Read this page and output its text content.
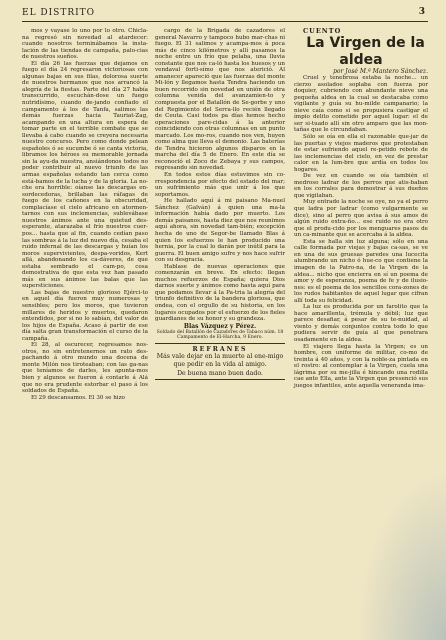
EL DISTRITO	3

mos y vayase lo uno por lo otro. Chicla-na regresó sin novedad al atardecer: cuando nosotros terminábamos la insta-lación de las tiendas de campaña, palo-cias de nuestros sueños.

El día 26 las fuerzas que dejamos en fuego el día 24 regresaron victoriosas con algunas bajas en sus filas, dolorosa suerte de nuestros hermanos que nos arrancó la alegría de la fiestas. Parte del día 27 había transcurrido, escuchán-dose un fuego nutridísimo, cuando de-jando confiado el campamento á los de Tanfa, salimos las demás fuerzas hacia Tauriat-Zag, acampando en una altura en espera de tomar parte en el terrible combate que se llevaba á cabo cuando se creyera necesaria nuestro concurso. Pero como donde pelean españoles ó se sucumbe ó se canta victoria, libramos los héroes su memorable jornada sin la ayu-da nuestra, ansiándonos todos no poder contribuir al nuevo triunfo de las armas españolas estando tan cerca como está-bamos de la lucha y de la gloria. La no-che era horrible: oíanse las descargas en-sordecedoras, brillaban las ráfagas de fuego de los cañones en la obscuridad, complacíase el cielo africano en atormen-tarnos con sus inclemencias, sublevábase nuestros ánimos ante una quietud des-esperante, atarazaba el frío nuestros cuer-pos... hasta que al fin, cuando cedían paso las sombras á la luz del nuevo día, cesaba el ruido infernal de las descargas y huían los moros supervivientes, despa-voridos, Kert allá, abandonando los ca-dáveres, de que estaba sembrado el cam-po, cosa demostrativa de que esta vez han pasado más en sus ánimos las balas que las supersticiones.

Las bajas de nuestro glorioso Ejérci-to en aquel día fueron muy numerosas y sensibles; pero los moros, que tuvieron millares de heridos y muertos, quedaron entendidos, por si no lo sabían, del valor de los hijos de España. Acaso á partir de ese día salta gran transformación el curso de la campaña.

El 28, al oscurecer, regresamos nos-otros, no sin entretenernos un rato des-pachando á otro mundo una docena de monte Milón nos tiroteaban; con las ga-nas que teníamos de darles, les apunta-mos bien y algunos se fueron á contarle á Alá que no era prudente estorbar el paso á los soldados de España.

El 29 descansamos. El 30 se hizo

cargo de la Brigada de cazadores el general Navarro y tampoco hubo mar-chas ni fuego. El 31 salimos y acampa-mos á poca más de cinco kilómetros y allí pasamos la noche entre un frío que pelaba, una lluvia constante que nos ca-ló hasta los huesos y un vendaval forti-símo que nos aterició. Al amanecer apareció que las fuerzas del monte Mi-lón y llegamos hasta Tendra haciendo un buen recorrido sin novedad en unión de otra columna venida del avanzamien-to y compuesta por el Batallón de Se-gorbe y uno del Regimiento del Serra-llo recién llegado de Ceuta. Casi todos pa días hemos hecho operaciones pare-cidas á la anterior coincidiendo con otras columnas en un punto marcado. Los mo-ros, cuando nos ven, huyen como alma que lleva el demonio. Las baterías de Tendra hicieron algunos disparos en la marcha del día 5 de Enero. En este día se reconoció el Zoco de Zebaya y sus campos, regresando sin novedad.

En todos estos días estuvimos sin co-rrespondencia por efecto del estado del mar; un sufrimiento más que unir á los que soportamos.

He hallado aquí á mi paisano Ma-nuel Sánchez (Galván) á quien una ma-la información había dado por muerto. Los demás paisanos, hasta diez que nos reunimos aquí ahora, sin novedad tam-bién; excepción hecha de uno de Segor-be llamado Blas á quien los esfuerzos le han producido una hernia, por la cual lo darán por inútil para la guerra. El buen amigo sufre y nos hace sufrir con su desgracia.

Hablase de nuevas operaciones que comenzarán en breve. En efecto: llegan muchos refuerzos de España; quiera Dios darnos suerte y ánimos como hasta aquí para que podamos llevar á la Pa-tria la alegría del triunfo definitivo de la bandera gloriosa, que ondea, con el orgullo de su historia, en los lugares ocupados por el esfuerzo de los fieles guardianes de su honor y su grandeza.

Blas Vázquez y Pérez.

Soldado del Batallón de Cazadores de Tabaco núm. 18

Campamento de El-Harcha, 9 Enero.

REFRANES

Más vale dejar en la muerte al ene-migo que pedir en la vida al amigo.

De buena mano buen dado.

CUENTO

La Virgen de la aldea

por José M.ª Mantero Sánchez.

Cruel y tenebrosa estaba la noche... un cierzo asoladoe soplaba con fuerza por doquier, cubriendo con abundante nieve una pequeña aldea en la cual se destacaba como vigilante y guía su hu-milde campanario; la nieve caía como si se propusiera castigar el ímpio delito cometido por aquel lugar: el de ser si-tuado allí sin otro amparo que las mon-tañas que le circundaban.

Sólo se oía en ella el razonable que-jar de las puertas y viejos maderos que protestaban de estar sufriendo aquel re-petido rebote de las inclemencias del cielo, en vez de prestar calor en la lum-bre que ardía en todos los hogares.

De vez en cuando se oía también el medroso ladrar de los perros que atis-baban en los corrales para demostrar á sus dueños que vigilaban.

Muy entrado la noche se oye, no ya el perro que ladra por ladrar (como vulgarmente se dice), sino al perro que avisa á sus amos de algún ruido extra-ño... ese ruido no era otro que el produ-cido por los menguares pasos de un ca-minante que se acercaba á la aldea.

Esta se halla sin luz alguna; sólo en una calle formada por viejas y bajas ca-sas, se ve en una de sus gruesas paredes una lucecita alumbrando un nicho ó hue-co que contiene la imagen de la Patro-na, de la Virgen de la aldea... nicho que encierra en sí un poema de amor y de esperanza, poema de fe y de ilusio-nes: es el poema de los sencillos cora-zones de los rudos habitantes de aquel lugar que cifran allí toda su felicidad.

La luz es producida por un farolito que la hace amarillenta, trémula y débil; luz que parece desafiar, á pesar de su te-nuidad, al viento y demás conjuntos contra todo lo que pudiera servir de guía al que penetrara osadamente en la aldea.

El viajero llega hasta la Virgen; es un hombre, con uniforme de militar, co-mo de treinta á 40 años, y con la noble-za pintada en el rostro: al contemplar á la Virgen, cuela una lágrima por su me-jilla é hincando una rodilla cae ante Ella, ante la Virgen que presenció sus juegos infantiles, ante aquella veneranda ima-
